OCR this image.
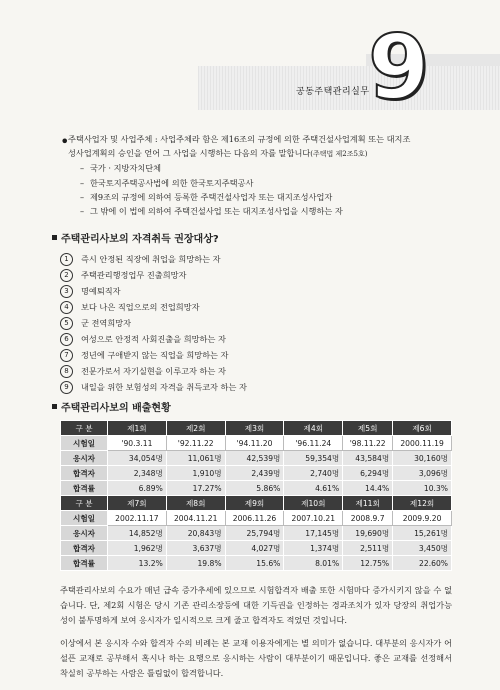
공동주택관리실무
9
•

주택사업자 및 사업주체 : 사업주체라 함은 제16조의 규정에 의한 주택건설사업계획 또는 대지조

성사업계획의 승인을 얻어 그 사업을 시행하는 다음의 자를 말합니다(주택법 제2조5호)

– 국가 · 지방자치단체

– 한국토지주택공사법에 의한 한국토지주택공사

– 제9조의 규정에 의하여 등록한 주택건설사업자 또는 대지조성사업자

– 그 밖에 이 법에 의하여 주택건설사업 또는 대지조성사업을 시행하는 자

주택관리사보의 자격취득 권장대상?
1	즉시 안정된 직장에 취업을 희망하는 자
2	주택관리행정업무 진출희망자
3	명예퇴직자
4	보다 나은 직업으로의 전업희망자
5	군 전역희망자
6	여성으로 안정적 사회진출을 희망하는 자
7	정년에 구애받지 않는 직업을 희망하는 자
8	전문가로서 자기실현을 이루고자 하는 자
9	내일을 위한 보험성의 자격을 취득코자 하는 자
주택관리사보의 배출현황
구 분	제1회	제2회	제3회	제4회	제5회	제6회
시험일	'90.3.11	'92.11.22	'94.11.20	'96.11.24	'98.11.22	2000.11.19
응시자	34,054명	11,061명	42,539명	59,354명	43,584명	30,160명
합격자	2,348명	1,910명	2,439명	2,740명	6,294명	3,096명
합격률	6.89%	17.27%	5.86%	4.61%	14.4%	10.3%
구 분	제7회	제8회	제9회	제10회	제11회	제12회
시험일	2002.11.17	2004.11.21	2006.11.26	2007.10.21	2008.9.7	2009.9.20
응시자	14,852명	20,843명	25,794명	17,145명	19,690명	15,261명
합격자	1,962명	3,637명	4,027명	1,374명	2,511명	3,450명
합격률	13.2%	19.8%	15.6%	8.01%	12.75%	22.60%

주택관리사보의 수요가 매년 급속 증가추세에 있으므로 시험합격자 배출 또한 시험마다 증가시키지 않을 수 없습니다. 단, 제2회 시험은 당시 기존 관리소장등에 대한 기득권을 인정하는 경과조치가 있자 당장의 취업가능성이 불투명하게 보여 응시자가 일시적으로 크게 줄고 합격자도 적었던 것입니다.

이상에서 본 응시자 수와 합격자 수의 비례는 본 교재 이용자에게는 별 의미가 없습니다. 대부분의 응시자가 어설픈 교재로 공부해서 혹시나 하는 요행으로 응시하는 사람이 대부분이기 때문입니다. 좋은 교재를 선정해서 착실히 공부하는 사람은 틀림없이 합격합니다.
